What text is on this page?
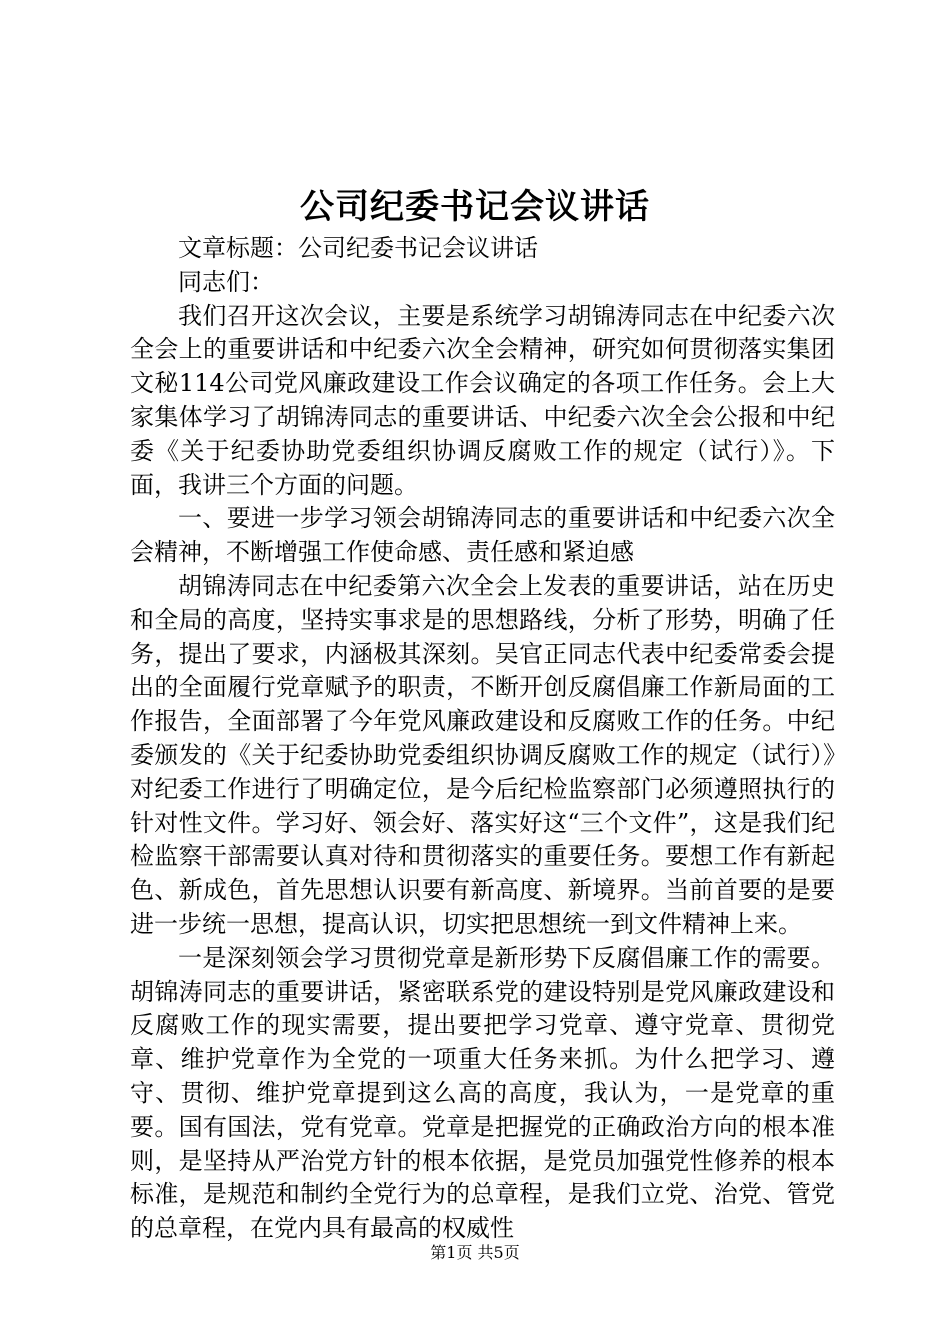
公司纪委书记会议讲话

文章标题：公司纪委书记会议讲话

同志们：

我们召开这次会议，主要是系统学习胡锦涛同志在中纪委六次全会上的重要讲话和中纪委六次全会精神，研究如何贯彻落实集团文秘114公司党风廉政建设工作会议确定的各项工作任务。会上大家集体学习了胡锦涛同志的重要讲话、中纪委六次全会公报和中纪委《关于纪委协助党委组织协调反腐败工作的规定（试行）》。下面，我讲三个方面的问题。

一、要进一步学习领会胡锦涛同志的重要讲话和中纪委六次全会精神，不断增强工作使命感、责任感和紧迫感

胡锦涛同志在中纪委第六次全会上发表的重要讲话，站在历史和全局的高度，坚持实事求是的思想路线，分析了形势，明确了任务，提出了要求，内涵极其深刻。吴官正同志代表中纪委常委会提出的全面履行党章赋予的职责，不断开创反腐倡廉工作新局面的工作报告，全面部署了今年党风廉政建设和反腐败工作的任务。中纪委颁发的《关于纪委协助党委组织协调反腐败工作的规定（试行）》对纪委工作进行了明确定位，是今后纪检监察部门必须遵照执行的针对性文件。学习好、领会好、落实好这“三个文件”，这是我们纪检监察干部需要认真对待和贯彻落实的重要任务。要想工作有新起色、新成色，首先思想认识要有新高度、新境界。当前首要的是要进一步统一思想，提高认识，切实把思想统一到文件精神上来。

一是深刻领会学习贯彻党章是新形势下反腐倡廉工作的需要。胡锦涛同志的重要讲话，紧密联系党的建设特别是党风廉政建设和反腐败工作的现实需要，提出要把学习党章、遵守党章、贯彻党章、维护党章作为全党的一项重大任务来抓。为什么把学习、遵守、贯彻、维护党章提到这么高的高度，我认为，一是党章的重要。国有国法，党有党章。党章是把握党的正确政治方向的根本准则，是坚持从严治党方针的根本依据，是党员加强党性修养的根本标准，是规范和制约全党行为的总章程，是我们立党、治党、管党的总章程，在党内具有最高的权威性

第1页 共5页
